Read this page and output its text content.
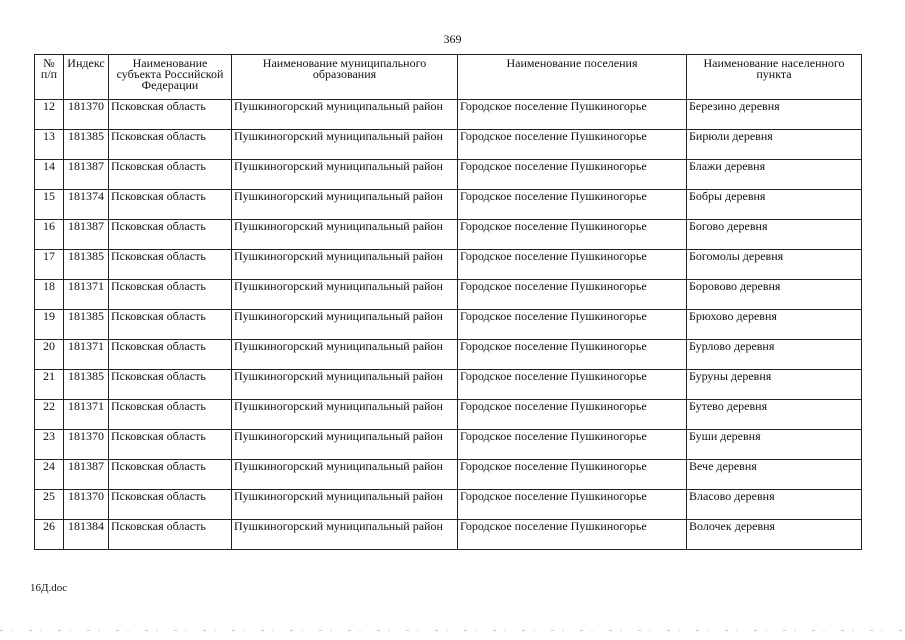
369
№ п/п	Индекс	Наименование субъекта Российской Федерации	Наименование муниципального образования	Наименование поселения	Наименование населенного пункта
12	181370	Псковская область	Пушкиногорский муниципальный район	Городское поселение Пушкиногорье	Березино деревня
13	181385	Псковская область	Пушкиногорский муниципальный район	Городское поселение Пушкиногорье	Бирюли деревня
14	181387	Псковская область	Пушкиногорский муниципальный район	Городское поселение Пушкиногорье	Блажи деревня
15	181374	Псковская область	Пушкиногорский муниципальный район	Городское поселение Пушкиногорье	Бобры деревня
16	181387	Псковская область	Пушкиногорский муниципальный район	Городское поселение Пушкиногорье	Богово деревня
17	181385	Псковская область	Пушкиногорский муниципальный район	Городское поселение Пушкиногорье	Богомолы деревня
18	181371	Псковская область	Пушкиногорский муниципальный район	Городское поселение Пушкиногорье	Боровово деревня
19	181385	Псковская область	Пушкиногорский муниципальный район	Городское поселение Пушкиногорье	Брюхово деревня
20	181371	Псковская область	Пушкиногорский муниципальный район	Городское поселение Пушкиногорье	Бурлово деревня
21	181385	Псковская область	Пушкиногорский муниципальный район	Городское поселение Пушкиногорье	Буруны деревня
22	181371	Псковская область	Пушкиногорский муниципальный район	Городское поселение Пушкиногорье	Бутево деревня
23	181370	Псковская область	Пушкиногорский муниципальный район	Городское поселение Пушкиногорье	Буши деревня
24	181387	Псковская область	Пушкиногорский муниципальный район	Городское поселение Пушкиногорье	Вече деревня
25	181370	Псковская область	Пушкиногорский муниципальный район	Городское поселение Пушкиногорье	Власово деревня
26	181384	Псковская область	Пушкиногорский муниципальный район	Городское поселение Пушкиногорье	Волочек деревня
16Д.doc
